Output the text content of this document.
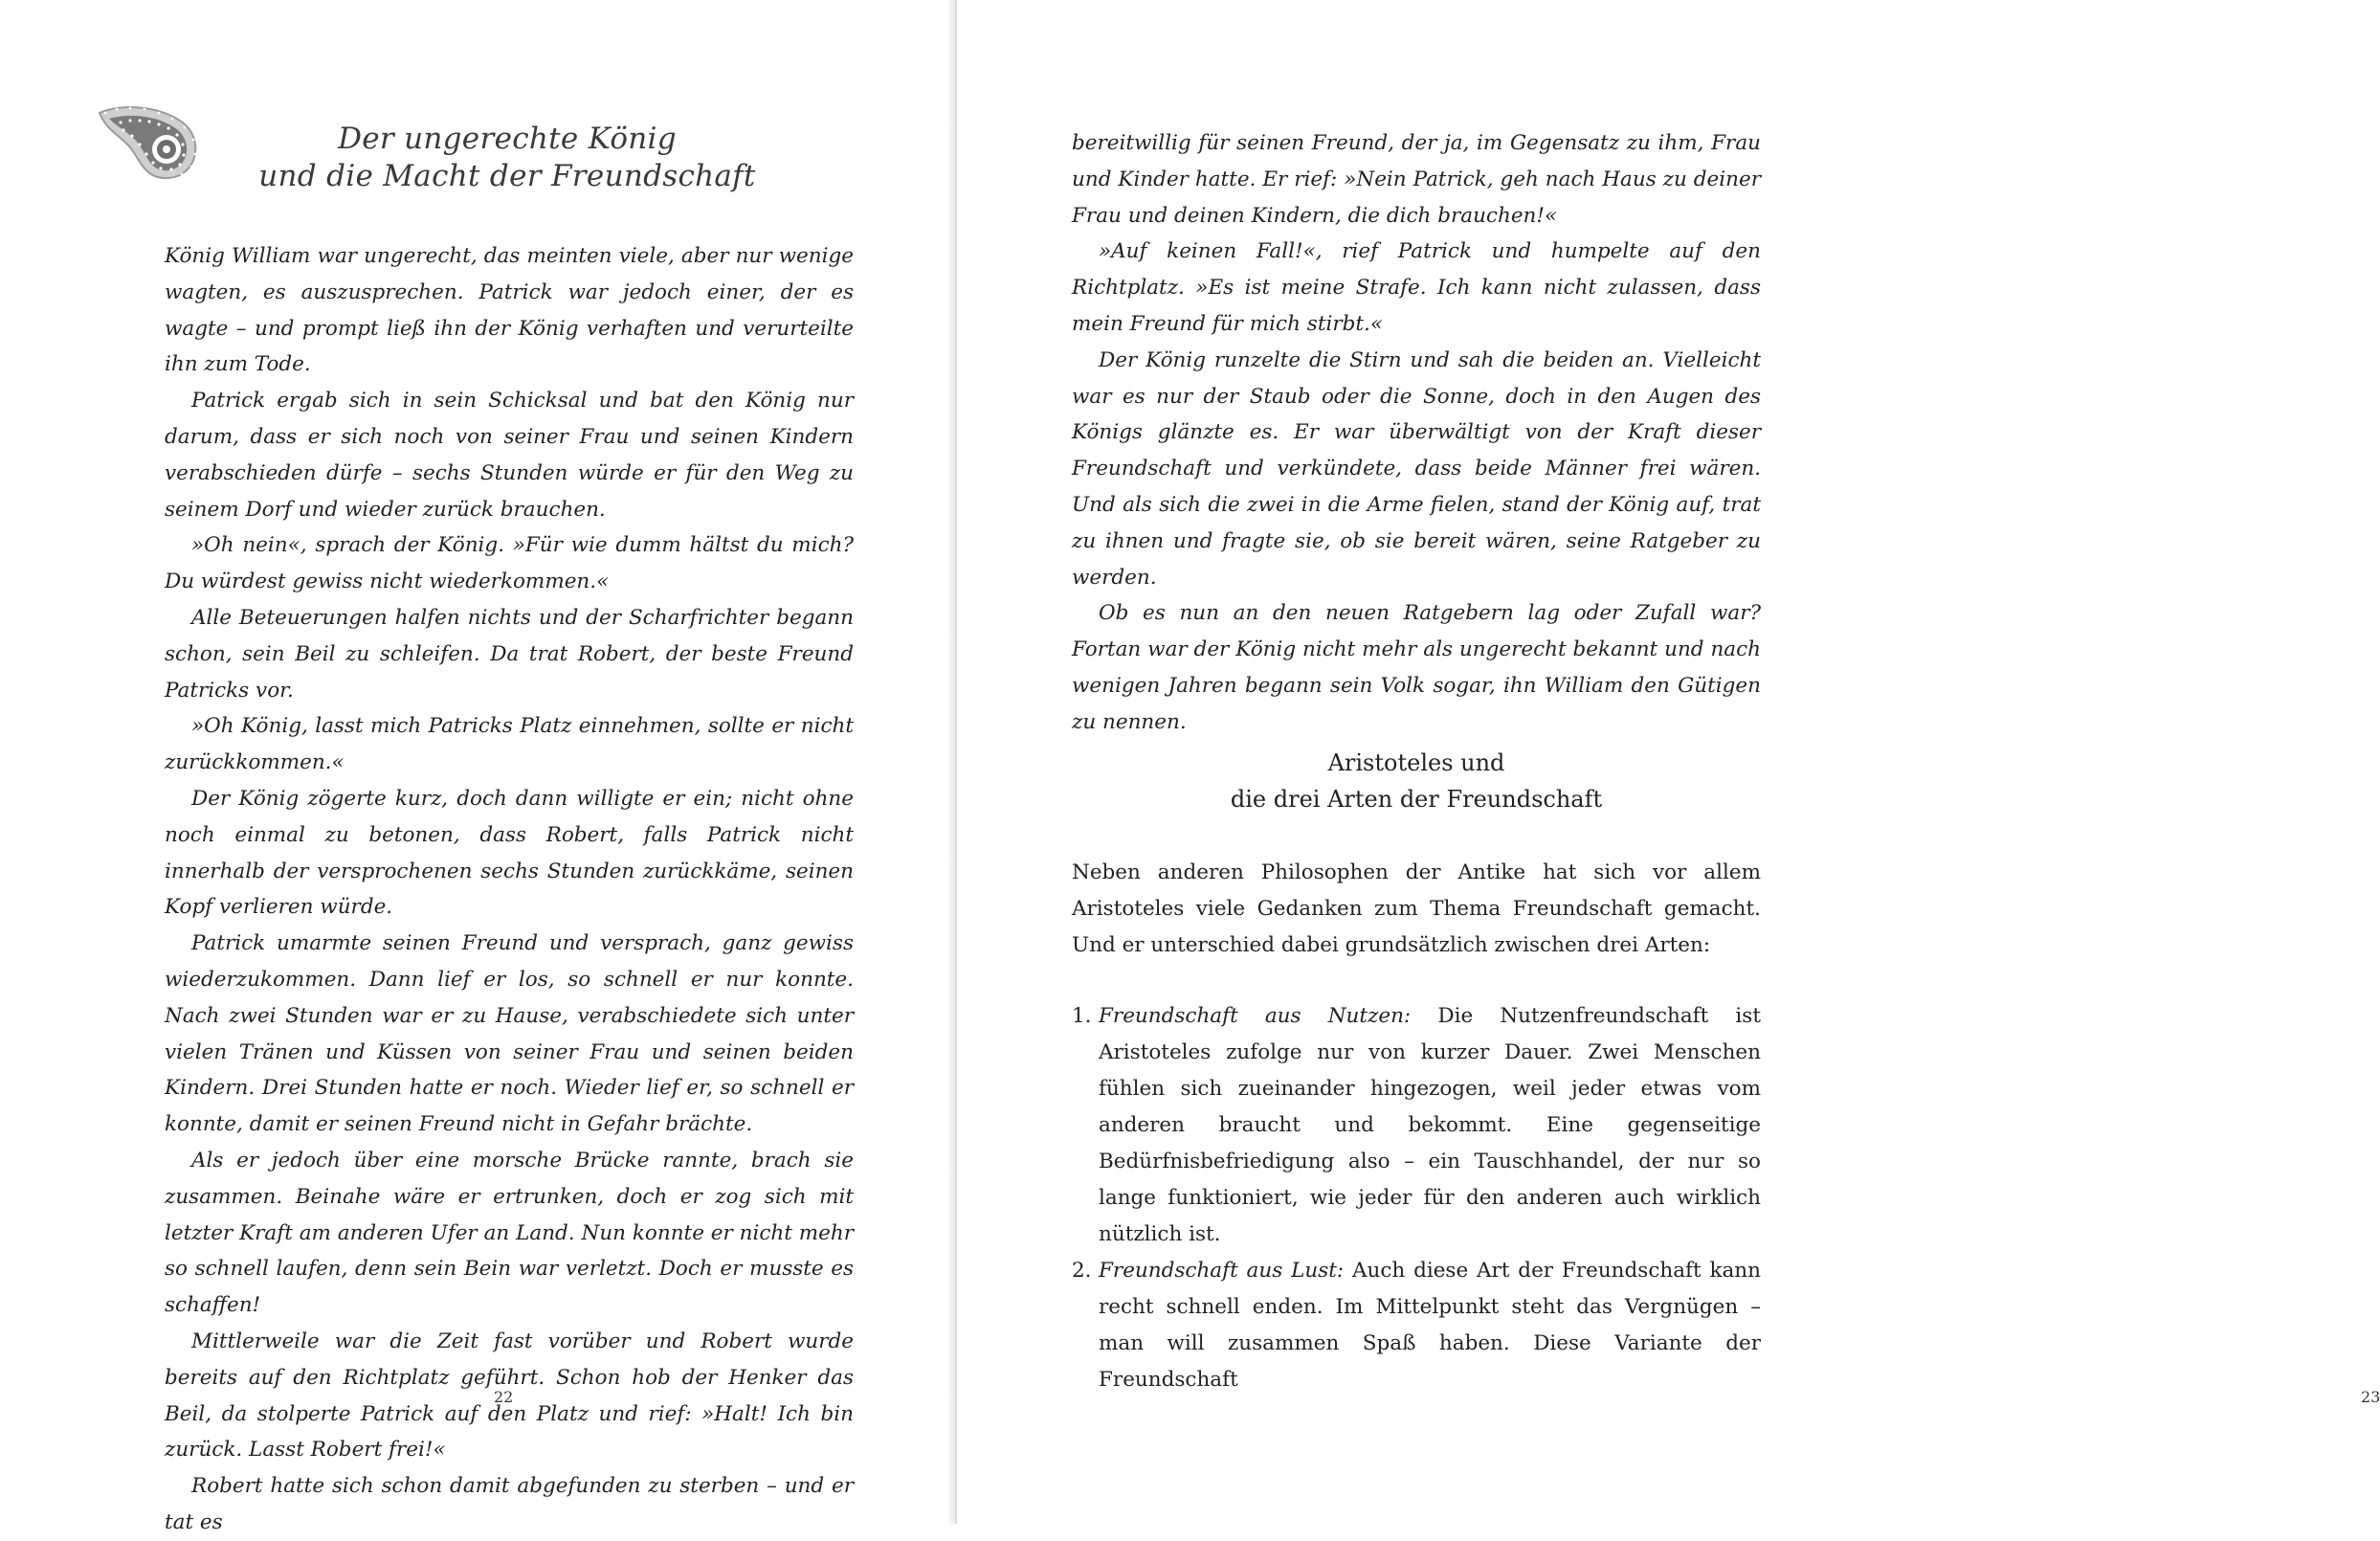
Der ungerechte König
und die Macht der Freundschaft

König William war ungerecht, das meinten viele, aber nur wenige wagten, es auszusprechen. Patrick war jedoch einer, der es wagte – und prompt ließ ihn der König verhaften und verurteilte ihn zum Tode.

Patrick ergab sich in sein Schicksal und bat den König nur darum, dass er sich noch von seiner Frau und seinen Kindern verabschieden dürfe – sechs Stunden würde er für den Weg zu seinem Dorf und wieder zurück brauchen.

»Oh nein«, sprach der König. »Für wie dumm hältst du mich? Du würdest gewiss nicht wiederkommen.«

Alle Beteuerungen halfen nichts und der Scharfrichter begann schon, sein Beil zu schleifen. Da trat Robert, der beste Freund Patricks vor.

»Oh König, lasst mich Patricks Platz einnehmen, sollte er nicht zurückkommen.«

Der König zögerte kurz, doch dann willigte er ein; nicht ohne noch einmal zu betonen, dass Robert, falls Patrick nicht innerhalb der versprochenen sechs Stunden zurückkäme, seinen Kopf verlieren würde.

Patrick umarmte seinen Freund und versprach, ganz gewiss wiederzukommen. Dann lief er los, so schnell er nur konnte. Nach zwei Stunden war er zu Hause, verabschiedete sich unter vielen Tränen und Küssen von seiner Frau und seinen beiden Kindern. Drei Stunden hatte er noch. Wieder lief er, so schnell er konnte, damit er seinen Freund nicht in Gefahr brächte.

Als er jedoch über eine morsche Brücke rannte, brach sie zusammen. Beinahe wäre er ertrunken, doch er zog sich mit letzter Kraft am anderen Ufer an Land. Nun konnte er nicht mehr so schnell laufen, denn sein Bein war verletzt. Doch er musste es schaffen!

Mittlerweile war die Zeit fast vorüber und Robert wurde bereits auf den Richtplatz geführt. Schon hob der Henker das Beil, da stolperte Patrick auf den Platz und rief: »Halt! Ich bin zurück. Lasst Robert frei!«

Robert hatte sich schon damit abgefunden zu sterben – und er tat es

22

bereitwillig für seinen Freund, der ja, im Gegensatz zu ihm, Frau und Kinder hatte. Er rief: »Nein Patrick, geh nach Haus zu deiner Frau und deinen Kindern, die dich brauchen!«

»Auf keinen Fall!«, rief Patrick und humpelte auf den Richtplatz. »Es ist meine Strafe. Ich kann nicht zulassen, dass mein Freund für mich stirbt.«

Der König runzelte die Stirn und sah die beiden an. Vielleicht war es nur der Staub oder die Sonne, doch in den Augen des Königs glänzte es. Er war überwältigt von der Kraft dieser Freundschaft und verkündete, dass beide Männer frei wären. Und als sich die zwei in die Arme fielen, stand der König auf, trat zu ihnen und fragte sie, ob sie bereit wären, seine Ratgeber zu werden.

Ob es nun an den neuen Ratgebern lag oder Zufall war? Fortan war der König nicht mehr als ungerecht bekannt und nach wenigen Jahren begann sein Volk sogar, ihn William den Gütigen zu nennen.

Aristoteles und
die drei Arten der Freundschaft

Neben anderen Philosophen der Antike hat sich vor allem Aristoteles viele Gedanken zum Thema Freundschaft gemacht. Und er unterschied dabei grundsätzlich zwischen drei Arten:

1. Freundschaft aus Nutzen: Die Nutzenfreundschaft ist Aristoteles zufolge nur von kurzer Dauer. Zwei Menschen fühlen sich zueinander hingezogen, weil jeder etwas vom anderen braucht und bekommt. Eine gegenseitige Bedürfnisbefriedigung also – ein Tauschhandel, der nur so lange funktioniert, wie jeder für den anderen auch wirklich nützlich ist.

2. Freundschaft aus Lust: Auch diese Art der Freundschaft kann recht schnell enden. Im Mittelpunkt steht das Vergnügen – man will zusammen Spaß haben. Diese Variante der Freundschaft

23
